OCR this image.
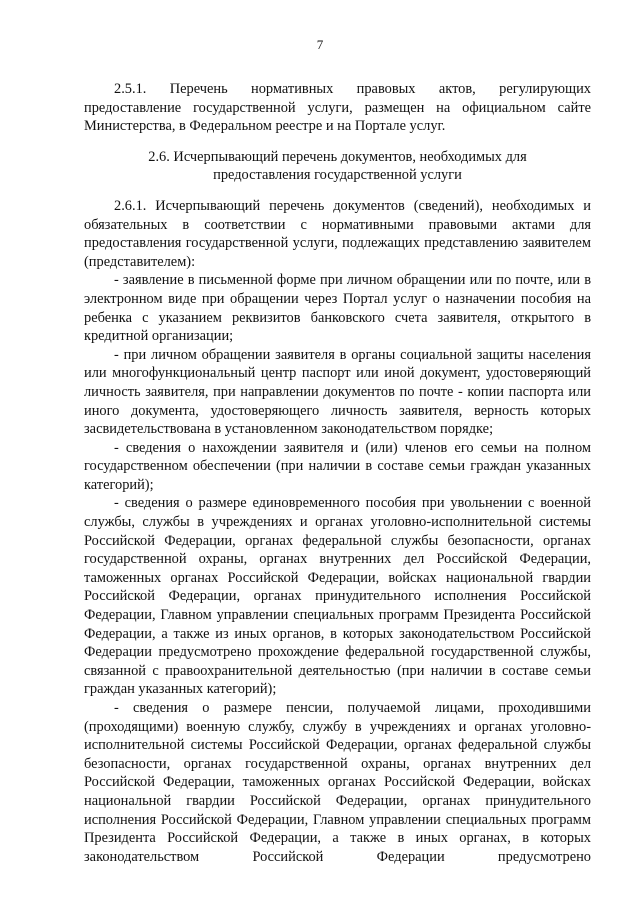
7

2.5.1. Перечень нормативных правовых актов, регулирующих предоставление государственной услуги, размещен на официальном сайте Министерства, в Федеральном реестре и на Портале услуг.

2.6. Исчерпывающий перечень документов, необходимых для

предоставления государственной услуги

2.6.1. Исчерпывающий перечень документов (сведений), необходимых и обязательных в соответствии с нормативными правовыми актами для предоставления государственной услуги, подлежащих представлению заявителем (представителем):

- заявление в письменной форме при личном обращении или по почте, или в электронном виде при обращении через Портал услуг о назначении пособия на ребенка с указанием реквизитов банковского счета заявителя, открытого в кредитной организации;

- при личном обращении заявителя в органы социальной защиты населения или многофункциональный центр паспорт или иной документ, удостоверяющий личность заявителя, при направлении документов по почте - копии паспорта или иного документа, удостоверяющего личность заявителя, верность которых засвидетельствована в установленном законодательством порядке;

- сведения о нахождении заявителя и (или) членов его семьи на полном государственном обеспечении (при наличии в составе семьи граждан указанных категорий);

- сведения о размере единовременного пособия при увольнении с военной службы, службы в учреждениях и органах уголовно-исполнительной системы Российской Федерации, органах федеральной службы безопасности, органах государственной охраны, органах внутренних дел Российской Федерации, таможенных органах Российской Федерации, войсках национальной гвардии Российской Федерации, органах принудительного исполнения Российской Федерации, Главном управлении специальных программ Президента Российской Федерации, а также из иных органов, в которых законодательством Российской Федерации предусмотрено прохождение федеральной государственной службы, связанной с правоохранительной деятельностью (при наличии в составе семьи граждан указанных категорий);

- сведения о размере пенсии, получаемой лицами, проходившими (проходящими) военную службу, службу в учреждениях и органах уголовно-исполнительной системы Российской Федерации, органах федеральной службы безопасности, органах государственной охраны, органах внутренних дел Российской Федерации, таможенных органах Российской Федерации, войсках национальной гвардии Российской Федерации, органах принудительного исполнения Российской Федерации, Главном управлении специальных программ Президента Российской Федерации, а также в иных органах, в которых законодательством Российской Федерации предусмотрено
